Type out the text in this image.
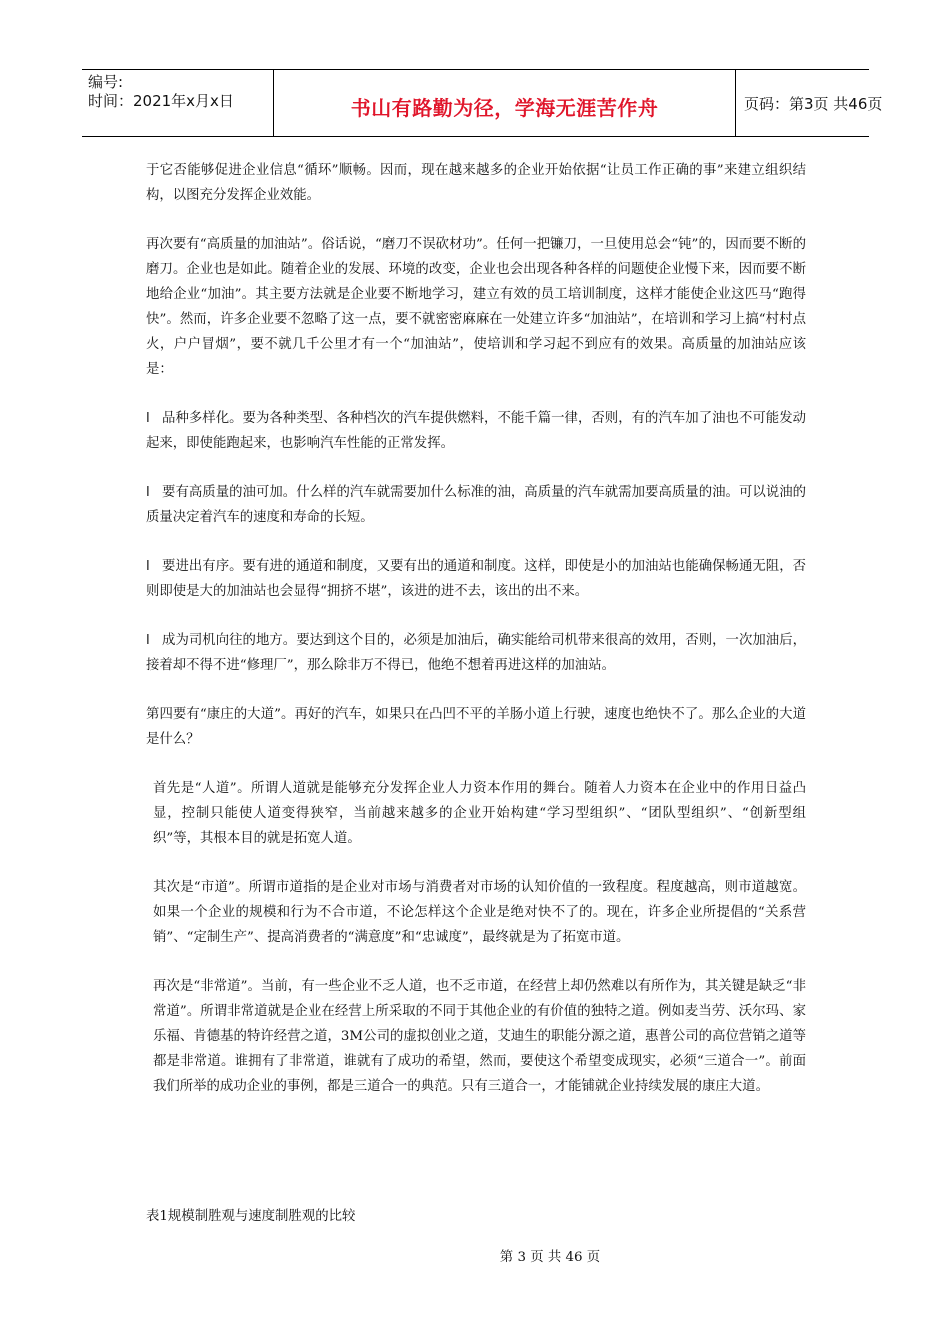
编号:
时间：2021年x月x日	书山有路勤为径，学海无涯苦作舟	页码：第3页 共46页

于它否能够促进企业信息“循环”顺畅。因而，现在越来越多的企业开始依据“让员工作正确的事”来建立组织结构，以图充分发挥企业效能。

再次要有“高质量的加油站”。俗话说，“磨刀不误砍材功”。任何一把镰刀，一旦使用总会“钝”的，因而要不断的磨刀。企业也是如此。随着企业的发展、环境的改变，企业也会出现各种各样的问题使企业慢下来，因而要不断地给企业“加油”。其主要方法就是企业要不断地学习，建立有效的员工培训制度，这样才能使企业这匹马“跑得快”。然而，许多企业要不忽略了这一点，要不就密密麻麻在一处建立许多“加油站”，在培训和学习上搞“村村点火，户户冒烟”，要不就几千公里才有一个“加油站”，使培训和学习起不到应有的效果。高质量的加油站应该是：

l 品种多样化。要为各种类型、各种档次的汽车提供燃料，不能千篇一律，否则，有的汽车加了油也不可能发动起来，即使能跑起来，也影响汽车性能的正常发挥。

l 要有高质量的油可加。什么样的汽车就需要加什么标准的油，高质量的汽车就需加要高质量的油。可以说油的质量决定着汽车的速度和寿命的长短。

l 要进出有序。要有进的通道和制度，又要有出的通道和制度。这样，即使是小的加油站也能确保畅通无阻，否则即使是大的加油站也会显得“拥挤不堪”，该进的进不去，该出的出不来。

l 成为司机向往的地方。要达到这个目的，必须是加油后，确实能给司机带来很高的效用，否则，一次加油后，接着却不得不进“修理厂”，那么除非万不得已，他绝不想着再进这样的加油站。

第四要有“康庄的大道”。再好的汽车，如果只在凸凹不平的羊肠小道上行驶，速度也绝快不了。那么企业的大道是什么？

首先是“人道”。所谓人道就是能够充分发挥企业人力资本作用的舞台。随着人力资本在企业中的作用日益凸显，控制只能使人道变得狭窄，当前越来越多的企业开始构建“学习型组织”、“团队型组织”、“创新型组织”等，其根本目的就是拓宽人道。

其次是“市道”。所谓市道指的是企业对市场与消费者对市场的认知价值的一致程度。程度越高，则市道越宽。如果一个企业的规模和行为不合市道，不论怎样这个企业是绝对快不了的。现在，许多企业所提倡的“关系营销”、“定制生产”、提高消费者的“满意度”和“忠诚度”，最终就是为了拓宽市道。

再次是“非常道”。当前，有一些企业不乏人道，也不乏市道，在经营上却仍然难以有所作为，其关键是缺乏“非常道”。所谓非常道就是企业在经营上所采取的不同于其他企业的有价值的独特之道。例如麦当劳、沃尔玛、家乐福、肯德基的特许经营之道，3M公司的虚拟创业之道，艾迪生的职能分源之道，惠普公司的高位营销之道等都是非常道。谁拥有了非常道，谁就有了成功的希望，然而，要使这个希望变成现实，必须“三道合一”。前面我们所举的成功企业的事例，都是三道合一的典范。只有三道合一，才能铺就企业持续发展的康庄大道。

表1规模制胜观与速度制胜观的比较
第 3 页 共 46 页
